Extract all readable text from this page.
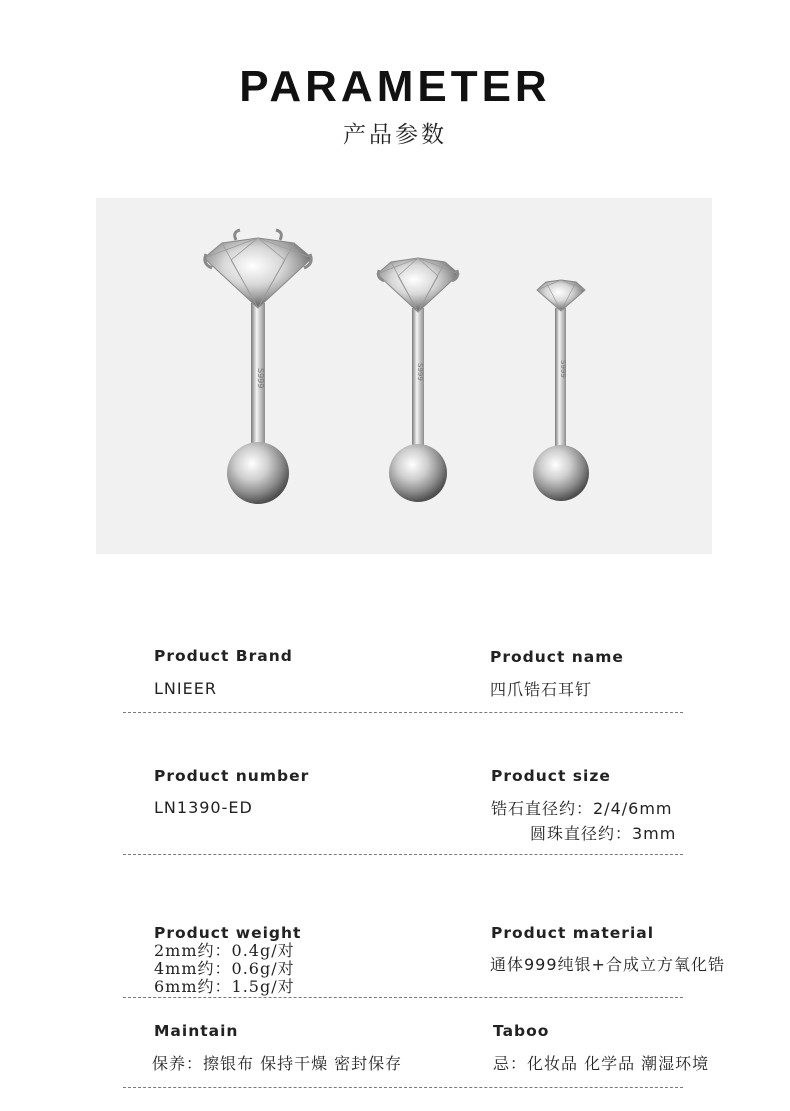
PARAMETER
产品参数
S999	S999	S999
Product Brand
LNIEER
Product name
四爪锆石耳钉
Product number
LN1390-ED
Product size
锆石直径约：2/4/6mm
圆珠直径约：3mm
Product weight
2mm约：0.4g/对
4mm约：0.6g/对
6mm约：1.5g/对
Product material
通体999纯银+合成立方氧化锆
Maintain
保养：擦银布 保持干燥 密封保存
Taboo
忌：化妆品 化学品 潮湿环境
